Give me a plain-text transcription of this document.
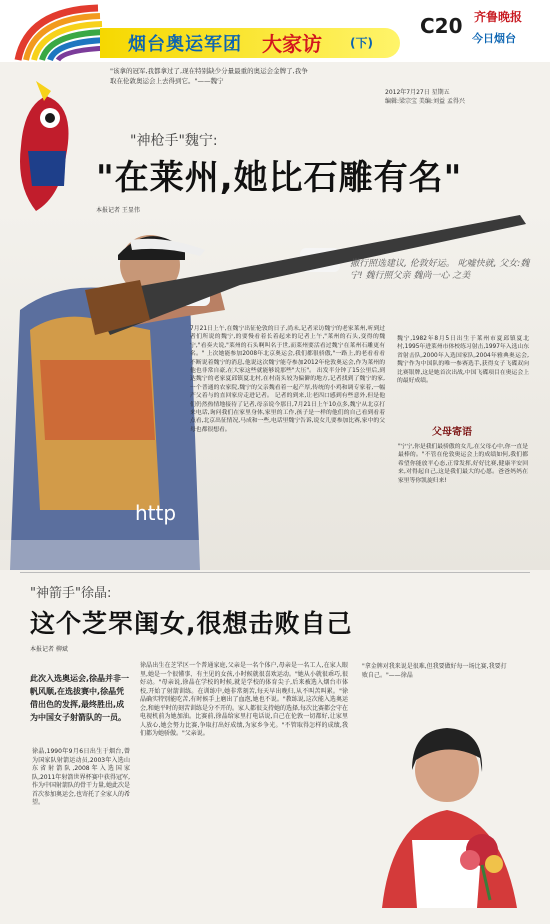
烟台奥运军团 大家访 (下)
C20 齐鲁晚报
今日烟台
2012年7月27日 星期五
编辑:梁宗宝 美编:刘益 孟得兴
http
"该拿的冠军,我都拿过了,现在特别缺少分量最重的奥运会金牌了,我争取在伦敦奥运会上去得到它。"——魏宁
"神枪手"魏宁:
"在莱州,她比石雕有名"
本报记者 王显伟
撒行照选建议, 伦敦好运。 叱嘘快就, 父女:魏宁! 魏行照父亲 魏尚一心 之美
7月21日上午,在魏宁出征伦敦的日子,尚未,记者采访魏宁的老家莱州,听到过者们所说的魏宁,的要慢看着长着起来的记者上午,"莱州的石头,变得的魏宁,"看奏夫说,"莱州的石头啊叫名于世,而莱州要活看过魏宁在莱州石雕更有名。" 上次她能参加2008年北京奥运会,我们都很骄傲,"一路上,的老看看看不断说着魏宁的消息,他说这次魏宁能夺参加2012年伦敦奥运会,作为莱州的他也非常自豪,在大家这些就能够说那些"大压"。 出发半分钟了15公里后,到达魏宁的老家夏邱镇夏北村,在村南头较为偏僻的地方,记者找到了魏宁的家,一个普通的农家院,魏宁的父亲魏看着一起产厚,传统的小鸡和调专家着,一幅产父着与的直回家房走进记者。 记者的到来,让老四口感到有些意外,但是他们仍然热情地接待了记者,母亲说今那日,7月21日上午10点多,魏宁从北京打来电话,询问我们在家里身体,家里的工作,孩子是一样的他们的自己看到看着点看,北京出征情况,马成和一些,电话里魏宁告诉,说女儿要参加比赛,家中的父母也都很想看。
魏宁,1982年8月5日出生于莱州市夏邱镇夏北村,1995年进莱州市体校练习射击,1997年入选山东省射击队,2000年入选国家队,2004年雅典奥运会,魏宁作为中国队的唯一参赛选手,获得女子飞碟双向比赛银牌,这是她首次出战,中国飞碟项目在奥运会上的最好成绩。
父母寄语
"宁宁,你是我们最骄傲的女儿,在父母心中,你一直是最棒的。"不管在伦敦奥运会上的成绩如何,我们都希望你能放平心态,正常发挥,好好比赛,健康平安回来,对得起自己,这是我们最大的心愿。爸爸妈妈在家里等你凯旋归来!
"神箭手"徐晶:
这个芝罘闺女,很想击败自己
本报记者 柳斌
此次入选奥运会,徐晶并非一帆风顺,在选拔赛中,徐晶凭借出色的发挥,最终胜出,成为中国女子射箭队的一员。
徐晶,1990年9月6日出生于烟台,曾为国家队射箭运动员,2003年入选山东省射箭队,2008年入选国家队,2011年射箭世界杯赛中获得冠军,作为中国射箭队的骨干力量,她此次是首次参加奥运会,也寄托了全家人的希望。
徐晶出生在芝罘区一个普通家庭,父亲是一名个体户,母亲是一名工人,在家人眼里,她是一个很懂事、有主见的女孩,小时候就很喜欢运动。"她从小就很乖巧,很好动。"母亲说,徐晶在学校的时候,就是学校的体育尖子,后来被选入烟台市体校,开始了射箭训练。在训练中,她非常刻苦,每天早出晚归,从不叫苦叫累。"徐晶确实特别能吃苦,有时候手上磨出了血泡,她也不说。"教练说,这次能入选奥运会,和她平时的刻苦训练是分不开的。家人都很支持她的选择,每次比赛都会守在电视机前为她加油。比赛前,徐晶给家里打电话说,自己在伦敦一切都好,让家里人放心,她会努力比赛,争取打出好成绩,为家乡争光。"不管取得怎样的成绩,我们都为她骄傲。"父亲说。
"拿金牌对我来说是很难,但我要做好每一场比赛,我要打败自己。"——徐晶
